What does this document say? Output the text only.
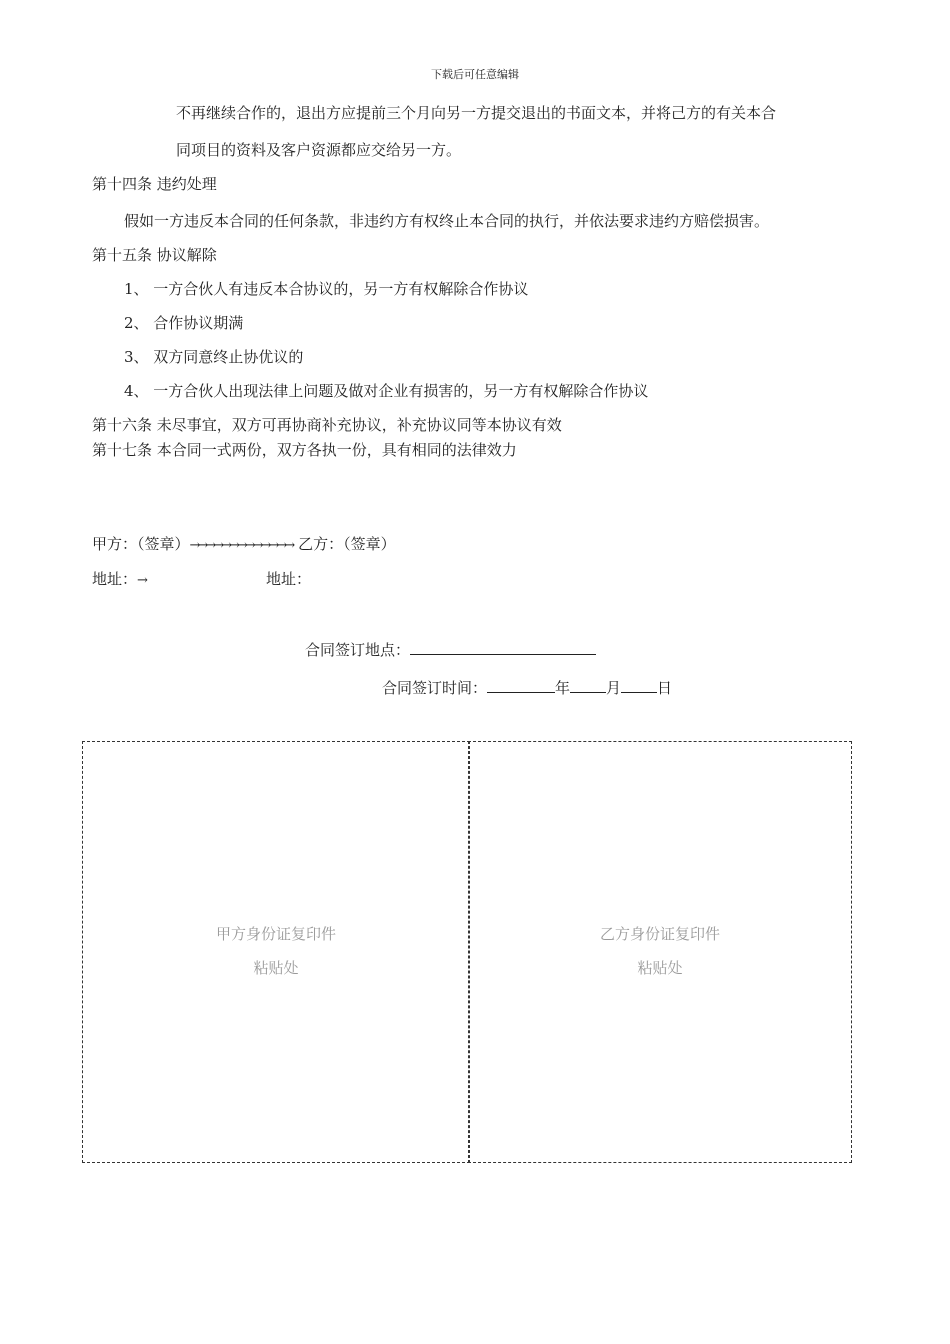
下载后可任意编辑
不再继续合作的，退出方应提前三个月向另一方提交退出的书面文本，并将己方的有关本合
同项目的资料及客户资源都应交给另一方。
第十四条 违约处理
假如一方违反本合同的任何条款，非违约方有权终止本合同的执行，并依法要求违约方赔偿损害。
第十五条 协议解除
1、 一方合伙人有违反本合协议的，另一方有权解除合作协议
2、 合作协议期满
3、 双方同意终止协优议的
4、 一方合伙人出现法律上问题及做对企业有损害的，另一方有权解除合作协议
第十六条 未尽事宜，双方可再协商补充协议，补充协议同等本协议有效
第十七条 本合同一式两份，双方各执一份，具有相同的法律效力
甲方：（签章）→→→→→→→→→→→→→ 乙方：（签章）
地址：→	地址：
合同签订地点：
合同签订时间：	年 月 日
甲方身份证复印件
粘贴处
乙方身份证复印件
粘贴处
